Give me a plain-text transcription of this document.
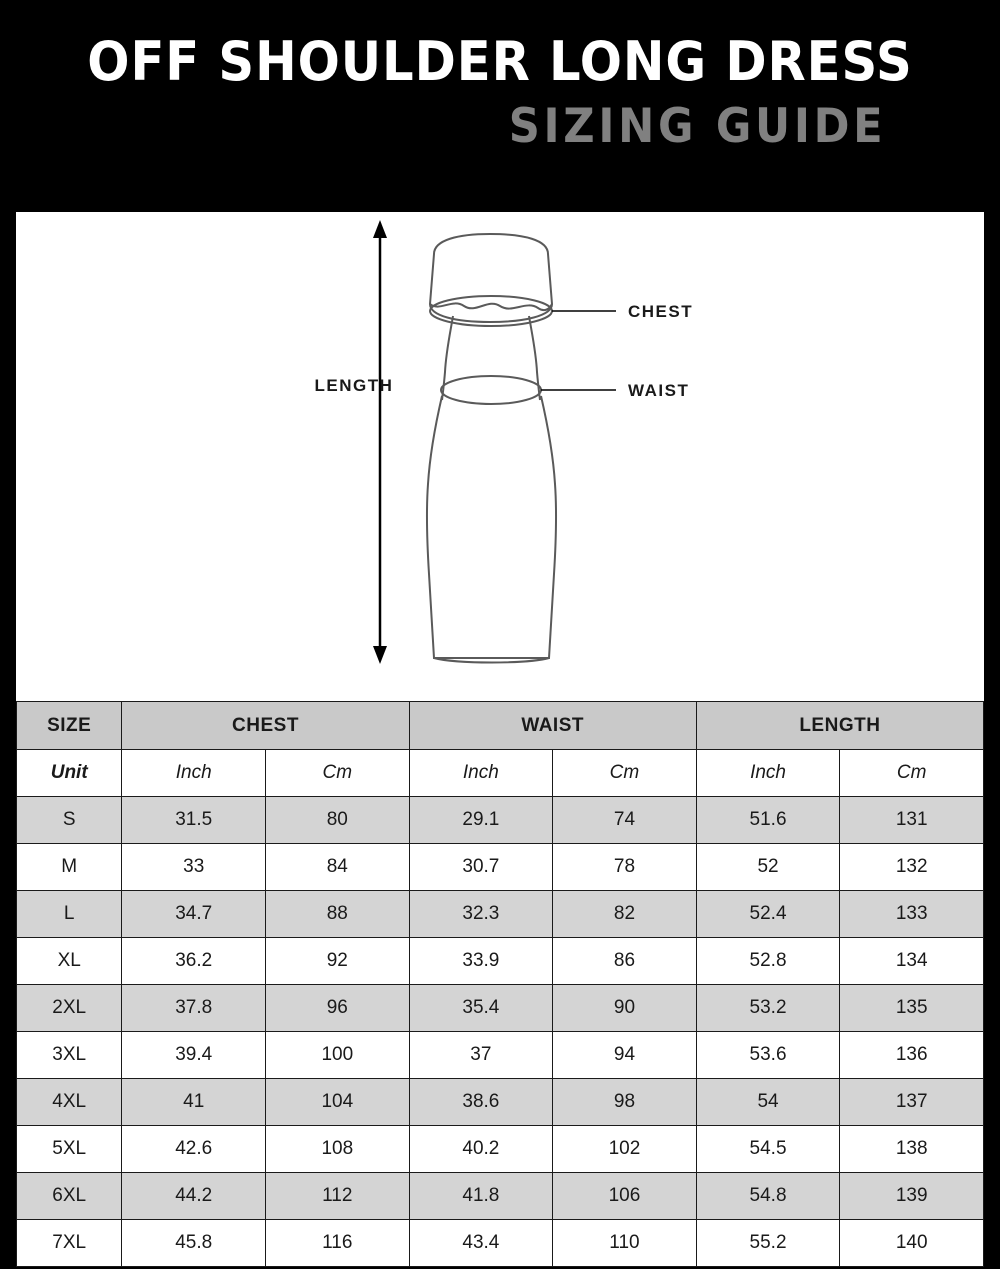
OFF SHOULDER LONG DRESS
SIZING GUIDE
LENGTH
CHEST
WAIST
SIZE	CHEST		WAIST		LENGTH	
Unit	Inch	Cm	Inch	Cm	Inch	Cm
S	31.5	80	29.1	74	51.6	131
M	33	84	30.7	78	52	132
L	34.7	88	32.3	82	52.4	133
XL	36.2	92	33.9	86	52.8	134
2XL	37.8	96	35.4	90	53.2	135
3XL	39.4	100	37	94	53.6	136
4XL	41	104	38.6	98	54	137
5XL	42.6	108	40.2	102	54.5	138
6XL	44.2	112	41.8	106	54.8	139
7XL	45.8	116	43.4	110	55.2	140
